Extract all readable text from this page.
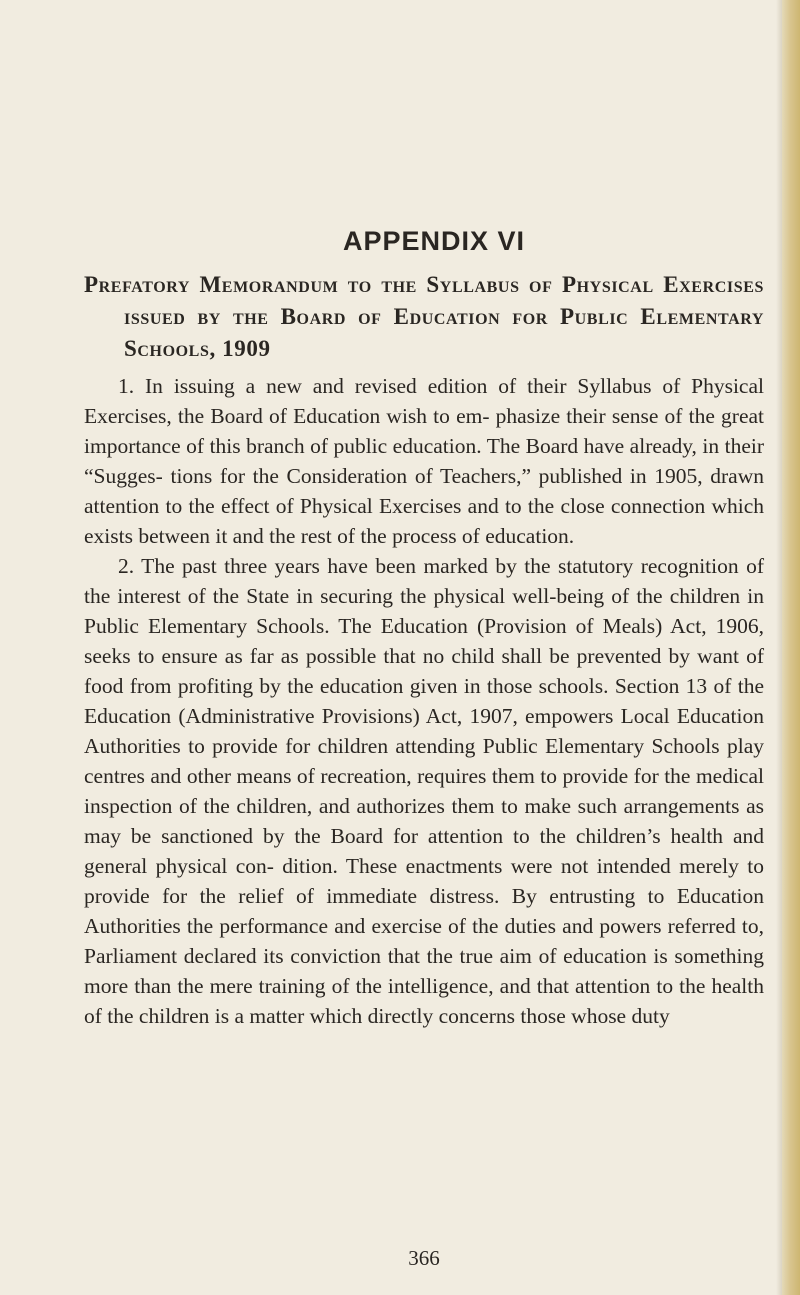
APPENDIX VI
Prefatory Memorandum to the Syllabus of Physical Exercises issued by the Board of Education for Public Elementary Schools, 1909

1. In issuing a new and revised edition of their Syllabus of Physical Exercises, the Board of Education wish to em- phasize their sense of the great importance of this branch of public education. The Board have already, in their “Sugges- tions for the Consideration of Teachers,” published in 1905, drawn attention to the effect of Physical Exercises and to the close connection which exists between it and the rest of the process of education.

2. The past three years have been marked by the statutory recognition of the interest of the State in securing the physical well-being of the children in Public Elementary Schools. The Education (Provision of Meals) Act, 1906, seeks to ensure as far as possible that no child shall be prevented by want of food from profiting by the education given in those schools. Section 13 of the Education (Administrative Provisions) Act, 1907, empowers Local Education Authorities to provide for children attending Public Elementary Schools play centres and other means of recreation, requires them to provide for the medical inspection of the children, and authorizes them to make such arrangements as may be sanctioned by the Board for attention to the children’s health and general physical con- dition. These enactments were not intended merely to provide for the relief of immediate distress. By entrusting to Education Authorities the performance and exercise of the duties and powers referred to, Parliament declared its conviction that the true aim of education is something more than the mere training of the intelligence, and that attention to the health of the children is a matter which directly concerns those whose duty

366
